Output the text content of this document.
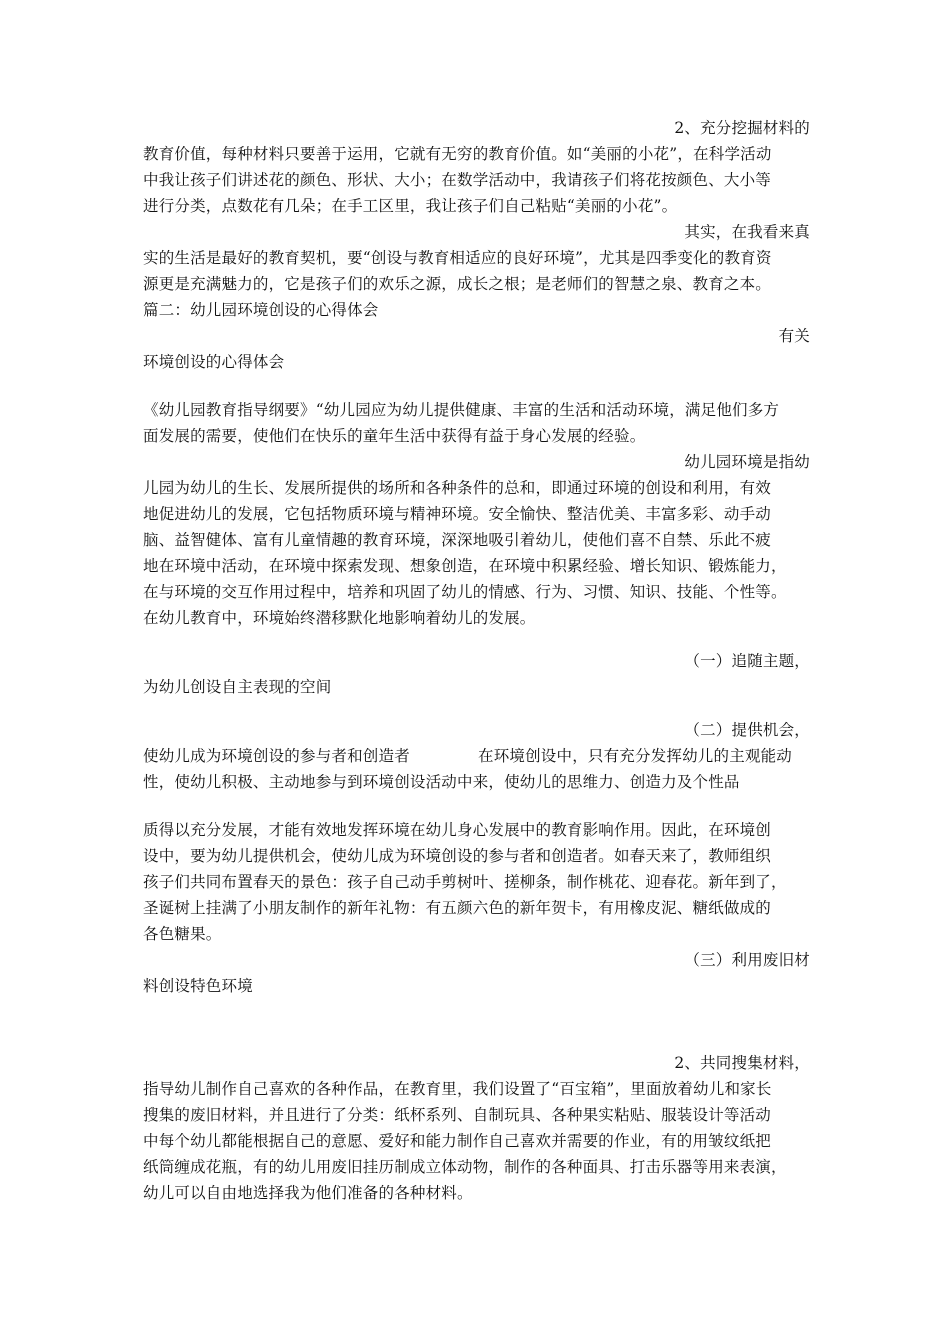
2、充分挖掘材料的
教育价值，每种材料只要善于运用，它就有无穷的教育价值。如“美丽的小花”，在科学活动
中我让孩子们讲述花的颜色、形状、大小；在数学活动中，我请孩子们将花按颜色、大小等
进行分类，点数花有几朵；在手工区里，我让孩子们自己粘贴“美丽的小花”。
其实，在我看来真
实的生活是最好的教育契机，要“创设与教育相适应的良好环境”，尤其是四季变化的教育资
源更是充满魅力的，它是孩子们的欢乐之源，成长之根；是老师们的智慧之泉、教育之本。
篇二：幼儿园环境创设的心得体会
有关
环境创设的心得体会
《幼儿园教育指导纲要》“幼儿园应为幼儿提供健康、丰富的生活和活动环境，满足他们多方
面发展的需要，使他们在快乐的童年生活中获得有益于身心发展的经验。
幼儿园环境是指幼
儿园为幼儿的生长、发展所提供的场所和各种条件的总和，即通过环境的创设和利用，有效
地促进幼儿的发展，它包括物质环境与精神环境。安全愉快、整洁优美、丰富多彩、动手动
脑、益智健体、富有儿童情趣的教育环境，深深地吸引着幼儿，使他们喜不自禁、乐此不疲
地在环境中活动，在环境中探索发现、想象创造，在环境中积累经验、增长知识、锻炼能力，
在与环境的交互作用过程中，培养和巩固了幼儿的情感、行为、习惯、知识、技能、个性等。
在幼儿教育中，环境始终潜移默化地影响着幼儿的发展。
（一）追随主题，
为幼儿创设自主表现的空间
（二）提供机会，
使幼儿成为环境创设的参与者和创造者	在环境创设中，只有充分发挥幼儿的主观能动
性，使幼儿积极、主动地参与到环境创设活动中来，使幼儿的思维力、创造力及个性品
质得以充分发展，才能有效地发挥环境在幼儿身心发展中的教育影响作用。因此，在环境创
设中，要为幼儿提供机会，使幼儿成为环境创设的参与者和创造者。如春天来了，教师组织
孩子们共同布置春天的景色：孩子自己动手剪树叶、搓柳条，制作桃花、迎春花。新年到了，
圣诞树上挂满了小朋友制作的新年礼物：有五颜六色的新年贺卡，有用橡皮泥、糖纸做成的
各色糖果。
（三）利用废旧材
料创设特色环境
2、共同搜集材料，
指导幼儿制作自己喜欢的各种作品，在教育里，我们设置了“百宝箱”，里面放着幼儿和家长
搜集的废旧材料，并且进行了分类：纸杯系列、自制玩具、各种果实粘贴、服装设计等活动
中每个幼儿都能根据自己的意愿、爱好和能力制作自己喜欢并需要的作业，有的用皱纹纸把
纸筒缠成花瓶，有的幼儿用废旧挂历制成立体动物，制作的各种面具、打击乐器等用来表演，
幼儿可以自由地选择我为他们准备的各种材料。
